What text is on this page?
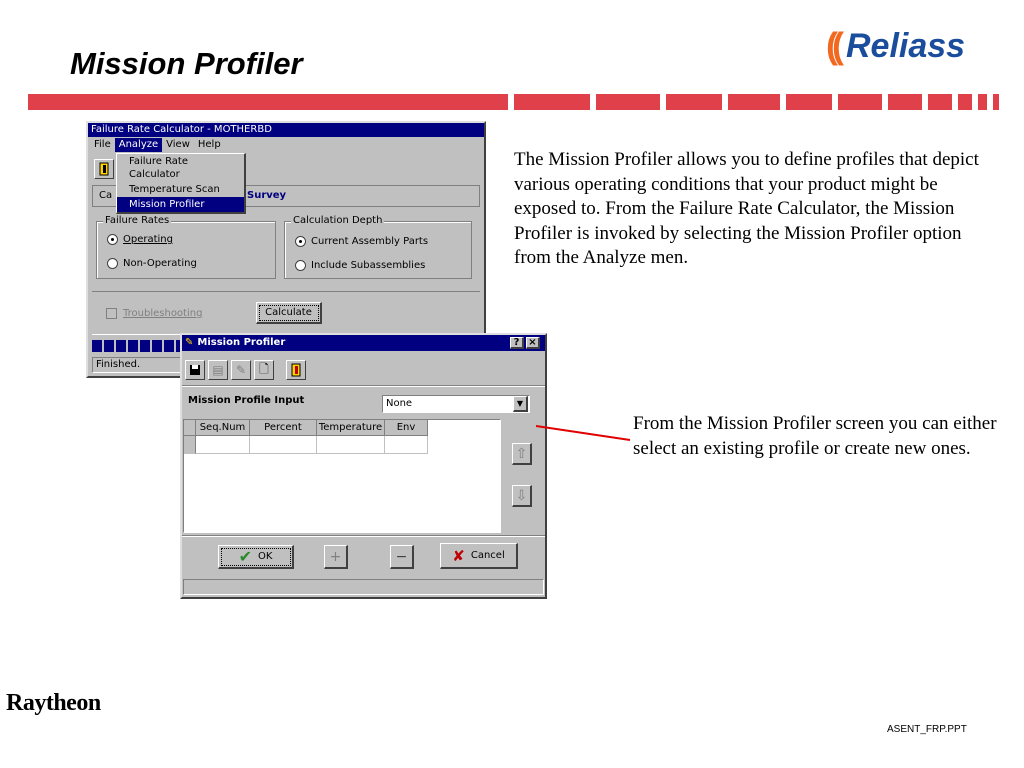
Mission Profiler	(( Reliass
Failure Rate Calculator - MOTHERBD
File Analyze View Help
Ca	Survey
Failure Rates
Operating
Non-Operating
Calculation Depth
Current Assembly Parts
Include Subassemblies
Troubleshooting	Calculate
Finished.
Failure Rate Calculator
Temperature Scan
Mission Profiler
✎ Mission Profiler	? ×
▤	✎	🗋
Mission Profile Input	None	▼
Seq.Num	Percent	Temperature	Env
⇧
⇩
✔ OK	+	−	✘ Cancel
The Mission Profiler allows you to define profiles that depict various operating conditions that your product might be exposed to. From the Failure Rate Calculator, the Mission Profiler is invoked by selecting the Mission Profiler option from the Analyze men.
From the Mission Profiler screen you can either select an existing profile or create new ones.
Raytheon
ASENT_FRP.PPT
